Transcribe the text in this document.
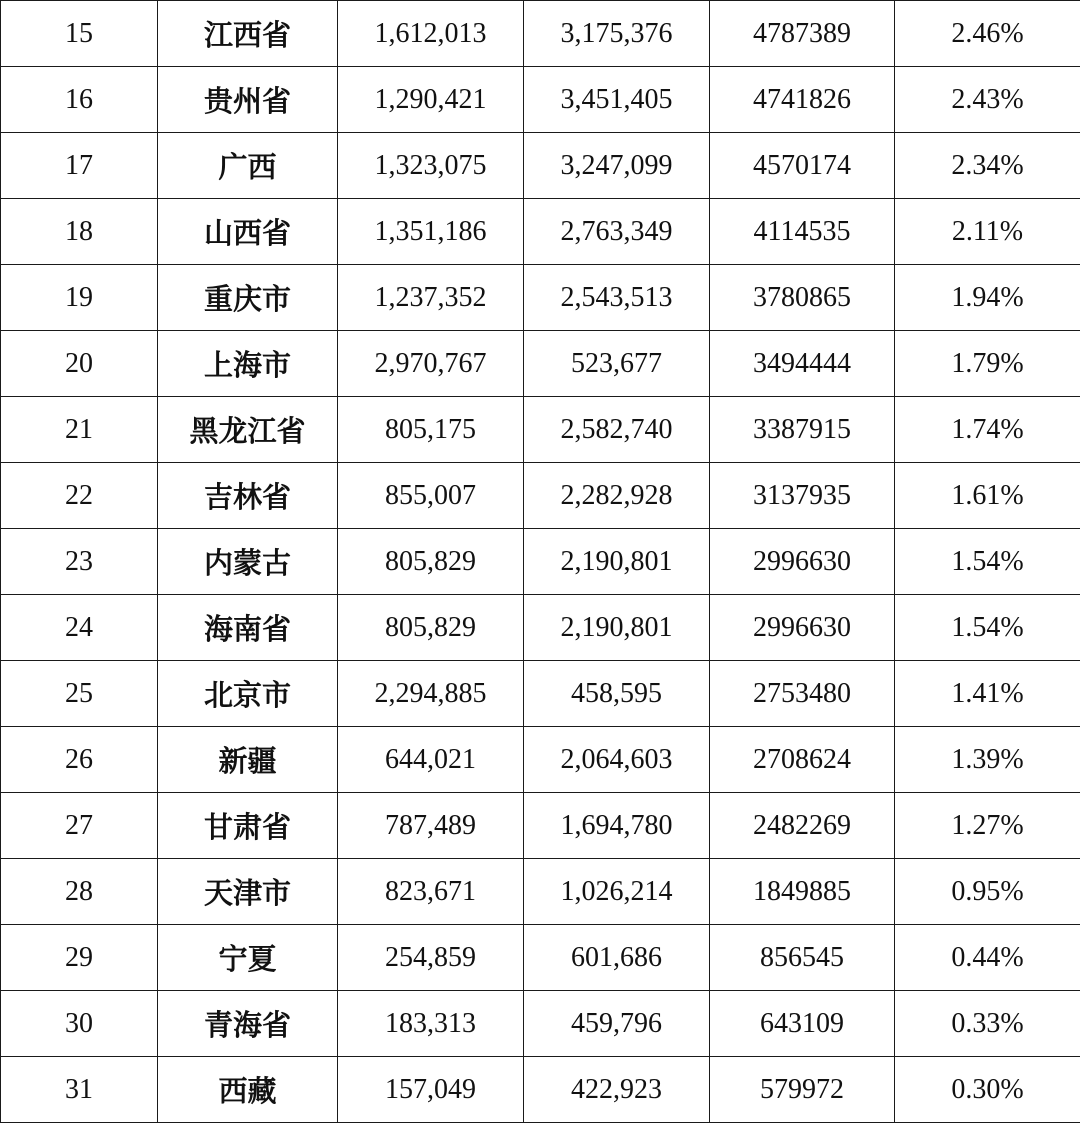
15	江西省	1,612,013	3,175,376	4787389	2.46%
16	贵州省	1,290,421	3,451,405	4741826	2.43%
17	广西	1,323,075	3,247,099	4570174	2.34%
18	山西省	1,351,186	2,763,349	4114535	2.11%
19	重庆市	1,237,352	2,543,513	3780865	1.94%
20	上海市	2,970,767	523,677	3494444	1.79%
21	黑龙江省	805,175	2,582,740	3387915	1.74%
22	吉林省	855,007	2,282,928	3137935	1.61%
23	内蒙古	805,829	2,190,801	2996630	1.54%
24	海南省	805,829	2,190,801	2996630	1.54%
25	北京市	2,294,885	458,595	2753480	1.41%
26	新疆	644,021	2,064,603	2708624	1.39%
27	甘肃省	787,489	1,694,780	2482269	1.27%
28	天津市	823,671	1,026,214	1849885	0.95%
29	宁夏	254,859	601,686	856545	0.44%
30	青海省	183,313	459,796	643109	0.33%
31	西藏	157,049	422,923	579972	0.30%
